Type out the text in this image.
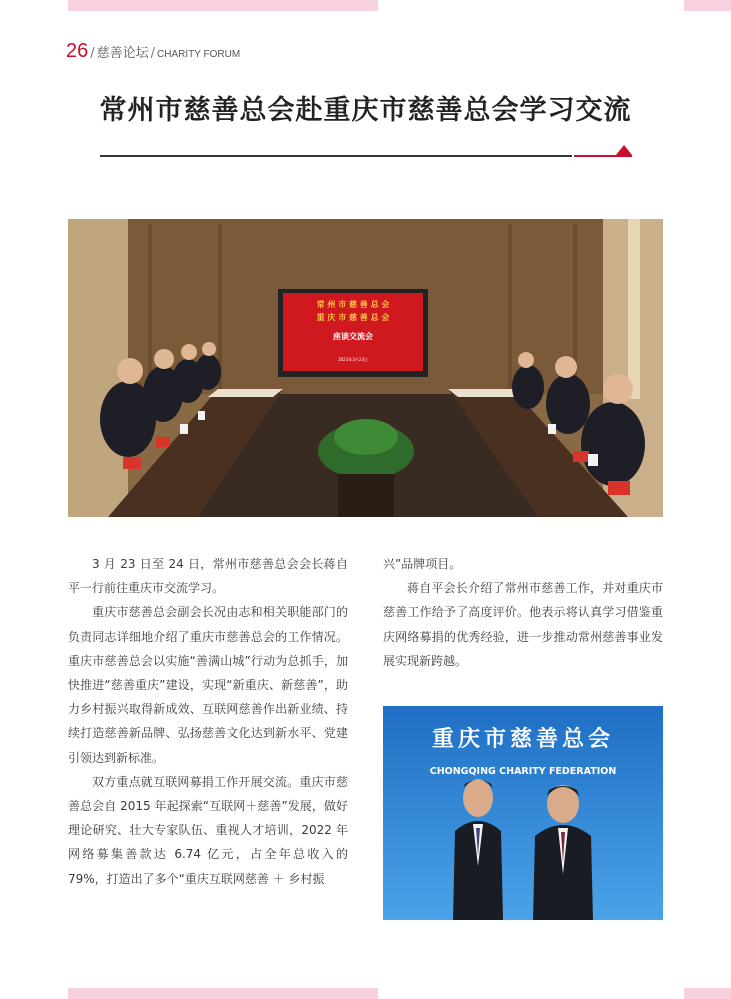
26 / 慈善论坛 / CHARITY FORUM
常州市慈善总会赴重庆市慈善总会学习交流
常 州 市 慈 善 总 会
重 庆 市 慈 善 总 会
座谈交流会
2023年3月23日

3 月 23 日至 24 日，常州市慈善总会会长蒋自平一行前往重庆市交流学习。

重庆市慈善总会副会长况由志和相关职能部门的负责同志详细地介绍了重庆市慈善总会的工作情况。重庆市慈善总会以实施“善满山城”行动为总抓手，加快推进“慈善重庆”建设，实现“新重庆、新慈善”，助力乡村振兴取得新成效、互联网慈善作出新业绩、持续打造慈善新品牌、弘扬慈善文化达到新水平、党建引领达到新标准。

双方重点就互联网募捐工作开展交流。重庆市慈善总会自 2015 年起探索“互联网＋慈善”发展，做好理论研究、壮大专家队伍、重视人才培训，2022 年网络募集善款达 6.74 亿元，占全年总收入的 79%，打造出了多个“重庆互联网慈善 ＋ 乡村振

兴”品牌项目。

蒋自平会长介绍了常州市慈善工作，并对重庆市慈善工作给予了高度评价。他表示将认真学习借鉴重庆网络募捐的优秀经验，进一步推动常州慈善事业发展实现新跨越。

重庆市慈善总会
CHONGQING CHARITY FEDERATION
